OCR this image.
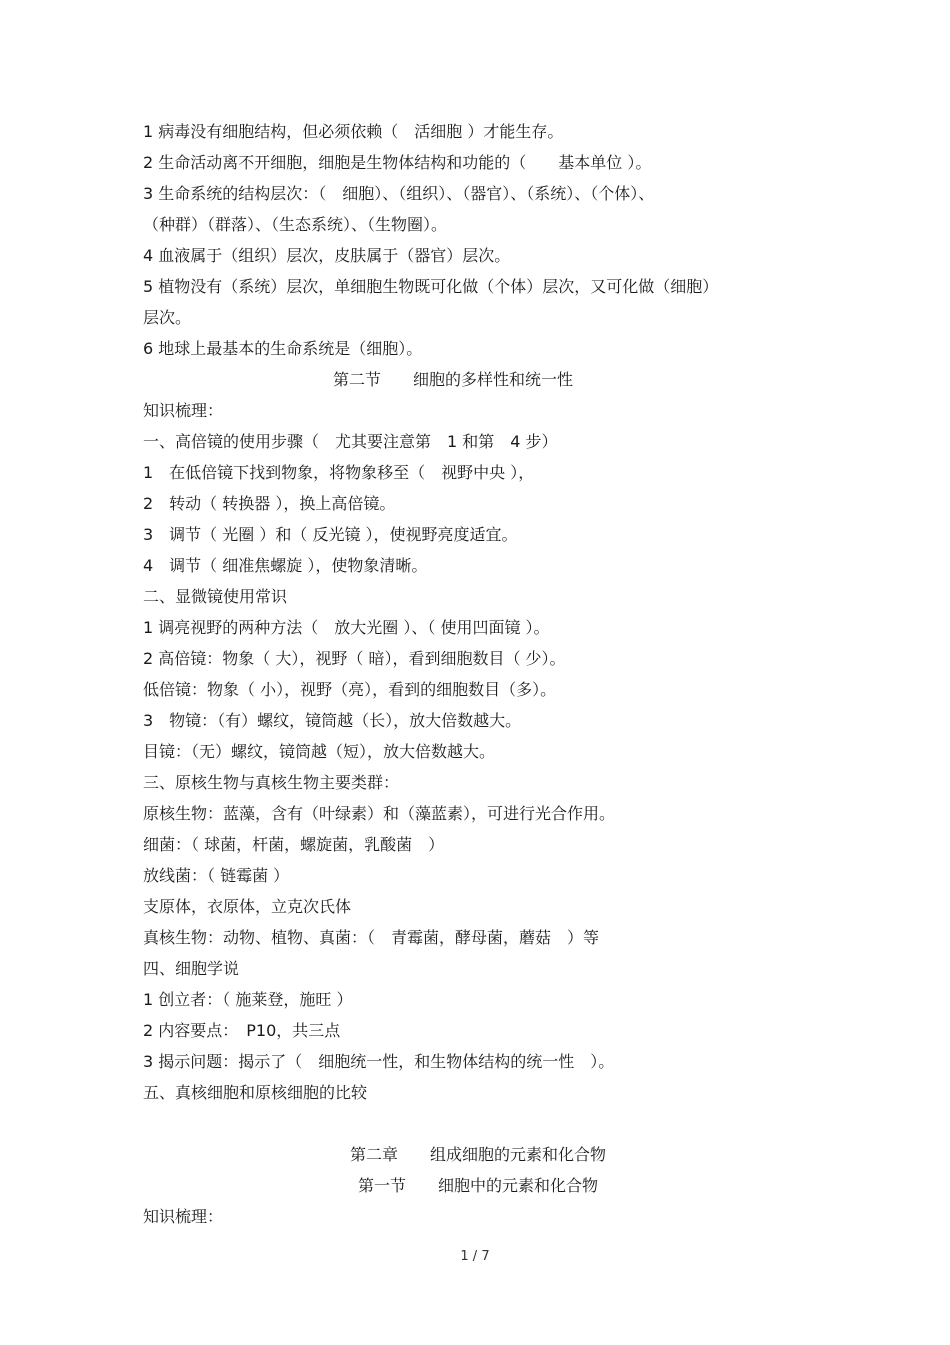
1 病毒没有细胞结构，但必须依赖（　活细胞 ）才能生存。
2 生命活动离不开细胞，细胞是生物体结构和功能的（　　基本单位 ）。
3 生命系统的结构层次：（　细胞）、（组织）、（器官）、（系统）、（个体）、
（种群）（群落）、（生态系统）、（生物圈）。
4 血液属于（组织）层次，皮肤属于（器官）层次。
5 植物没有（系统）层次，单细胞生物既可化做（个体）层次，又可化做（细胞）
层次。
6 地球上最基本的生命系统是（细胞）。
第二节　　细胞的多样性和统一性
知识梳理：
一、高倍镜的使用步骤（　尤其要注意第　1 和第　4 步）
1　在低倍镜下找到物象，将物象移至（　视野中央 ），
2　转动（ 转换器 ），换上高倍镜。
3　调节（ 光圈 ）和（ 反光镜 ），使视野亮度适宜。
4　调节（ 细准焦螺旋 ），使物象清晰。
二、显微镜使用常识
1 调亮视野的两种方法（　放大光圈 ）、（ 使用凹面镜 ）。
2 高倍镜：物象（ 大），视野（ 暗），看到细胞数目（ 少）。
低倍镜：物象（ 小），视野（亮），看到的细胞数目（多）。
3　物镜：（有）螺纹，镜筒越（长），放大倍数越大。
目镜：（无）螺纹，镜筒越（短），放大倍数越大。
三、原核生物与真核生物主要类群：
原核生物：蓝藻，含有（叶绿素）和（藻蓝素），可进行光合作用。
细菌：（ 球菌，杆菌，螺旋菌，乳酸菌　）
放线菌：（ 链霉菌 ）
支原体，衣原体，立克次氏体
真核生物：动物、植物、真菌：（　青霉菌，酵母菌，蘑菇　）等
四、细胞学说
1 创立者：（ 施莱登，施旺 ）
2 内容要点：　P10，共三点
3 揭示问题：揭示了（　细胞统一性，和生物体结构的统一性　）。
五、真核细胞和原核细胞的比较
第二章　　组成细胞的元素和化合物
第一节　　细胞中的元素和化合物
知识梳理：
1 / 7
